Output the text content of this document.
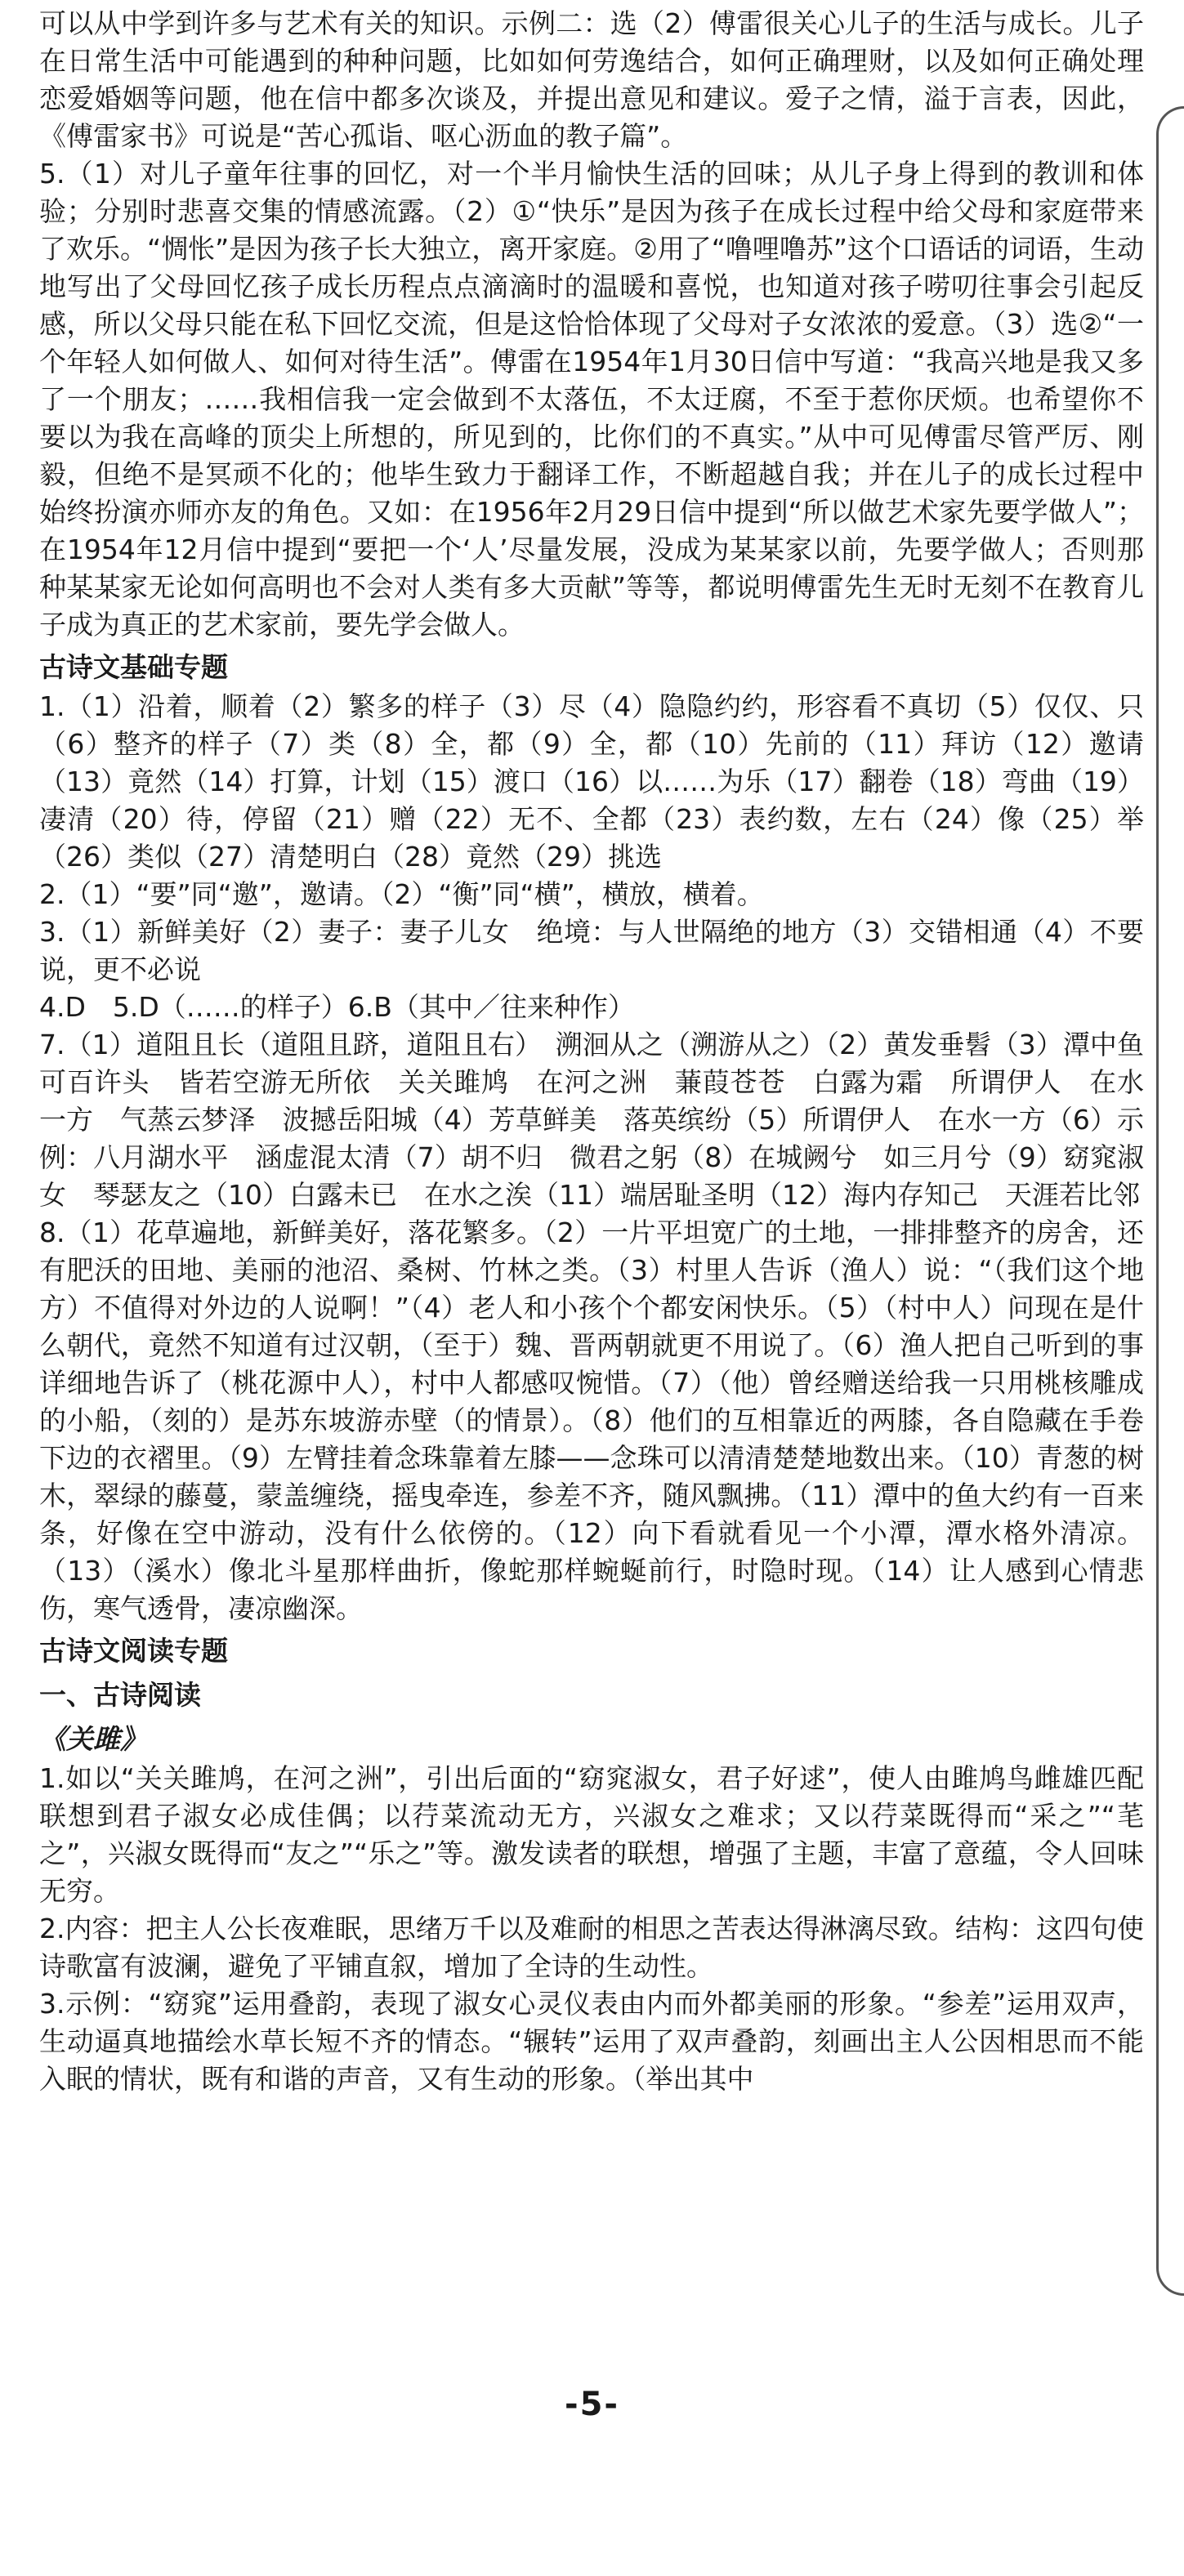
可以从中学到许多与艺术有关的知识。示例二：选（2）傅雷很关心儿子的生活与成长。儿子在日常生活中可能遇到的种种问题，比如如何劳逸结合，如何正确理财，以及如何正确处理恋爱婚姻等问题，他在信中都多次谈及，并提出意见和建议。爱子之情，溢于言表，因此，《傅雷家书》可说是“苦心孤诣、呕心沥血的教子篇”。
5.（1）对儿子童年往事的回忆，对一个半月愉快生活的回味；从儿子身上得到的教训和体验；分别时悲喜交集的情感流露。（2）①“快乐”是因为孩子在成长过程中给父母和家庭带来了欢乐。“惆怅”是因为孩子长大独立，离开家庭。②用了“噜哩噜苏”这个口语话的词语，生动地写出了父母回忆孩子成长历程点点滴滴时的温暖和喜悦，也知道对孩子唠叨往事会引起反感，所以父母只能在私下回忆交流，但是这恰恰体现了父母对子女浓浓的爱意。（3）选②“一个年轻人如何做人、如何对待生活”。傅雷在1954年1月30日信中写道：“我高兴地是我又多了一个朋友；……我相信我一定会做到不太落伍，不太迂腐，不至于惹你厌烦。也希望你不要以为我在高峰的顶尖上所想的，所见到的，比你们的不真实。”从中可见傅雷尽管严厉、刚毅，但绝不是冥顽不化的；他毕生致力于翻译工作，不断超越自我；并在儿子的成长过程中始终扮演亦师亦友的角色。又如：在1956年2月29日信中提到“所以做艺术家先要学做人”；在1954年12月信中提到“要把一个‘人’尽量发展，没成为某某家以前，先要学做人；否则那种某某家无论如何高明也不会对人类有多大贡献”等等，都说明傅雷先生无时无刻不在教育儿子成为真正的艺术家前，要先学会做人。
古诗文基础专题
1.（1）沿着，顺着（2）繁多的样子（3）尽（4）隐隐约约，形容看不真切（5）仅仅、只（6）整齐的样子（7）类（8）全，都（9）全，都（10）先前的（11）拜访（12）邀请（13）竟然（14）打算，计划（15）渡口（16）以……为乐（17）翻卷（18）弯曲（19）凄清（20）待，停留（21）赠（22）无不、全都（23）表约数，左右（24）像（25）举（26）类似（27）清楚明白（28）竟然（29）挑选
2.（1）“要”同“邀”，邀请。（2）“衡”同“横”，横放，横着。
3.（1）新鲜美好（2）妻子：妻子儿女　绝境：与人世隔绝的地方（3）交错相通（4）不要说，更不必说
4.D　5.D（……的样子）6.B（其中／往来种作）
7.（1）道阻且长（道阻且跻，道阻且右）　溯洄从之（溯游从之）（2）黄发垂髫（3）潭中鱼可百许头　皆若空游无所依　关关雎鸠　在河之洲　蒹葭苍苍　白露为霜　所谓伊人　在水一方　气蒸云梦泽　波撼岳阳城（4）芳草鲜美　落英缤纷（5）所谓伊人　在水一方（6）示例：八月湖水平　涵虚混太清（7）胡不归　微君之躬（8）在城阙兮　如三月兮（9）窈窕淑女　琴瑟友之（10）白露未已　在水之涘（11）端居耻圣明（12）海内存知己　天涯若比邻
8.（1）花草遍地，新鲜美好，落花繁多。（2）一片平坦宽广的土地，一排排整齐的房舍，还有肥沃的田地、美丽的池沼、桑树、竹林之类。（3）村里人告诉（渔人）说：“（我们这个地方）不值得对外边的人说啊！”（4）老人和小孩个个都安闲快乐。（5）（村中人）问现在是什么朝代，竟然不知道有过汉朝，（至于）魏、晋两朝就更不用说了。（6）渔人把自己听到的事详细地告诉了（桃花源中人），村中人都感叹惋惜。（7）（他）曾经赠送给我一只用桃核雕成的小船，（刻的）是苏东坡游赤壁（的情景）。（8）他们的互相靠近的两膝，各自隐藏在手卷下边的衣褶里。（9）左臂挂着念珠靠着左膝——念珠可以清清楚楚地数出来。（10）青葱的树木，翠绿的藤蔓，蒙盖缠绕，摇曳牵连，参差不齐，随风飘拂。（11）潭中的鱼大约有一百来条，好像在空中游动，没有什么依傍的。（12）向下看就看见一个小潭，潭水格外清凉。（13）（溪水）像北斗星那样曲折，像蛇那样蜿蜒前行，时隐时现。（14）让人感到心情悲伤，寒气透骨，凄凉幽深。
古诗文阅读专题
一、古诗阅读
《关雎》
1.如以“关关雎鸠，在河之洲”，引出后面的“窈窕淑女，君子好逑”，使人由雎鸠鸟雌雄匹配联想到君子淑女必成佳偶；以荇菜流动无方，兴淑女之难求；又以荇菜既得而“采之”“芼之”，兴淑女既得而“友之”“乐之”等。激发读者的联想，增强了主题，丰富了意蕴，令人回味无穷。
2.内容：把主人公长夜难眠，思绪万千以及难耐的相思之苦表达得淋漓尽致。结构：这四句使诗歌富有波澜，避免了平铺直叙，增加了全诗的生动性。
3.示例：“窈窕”运用叠韵，表现了淑女心灵仪表由内而外都美丽的形象。“参差”运用双声，生动逼真地描绘水草长短不齐的情态。“辗转”运用了双声叠韵，刻画出主人公因相思而不能入眠的情状，既有和谐的声音，又有生动的形象。（举出其中
-5-
